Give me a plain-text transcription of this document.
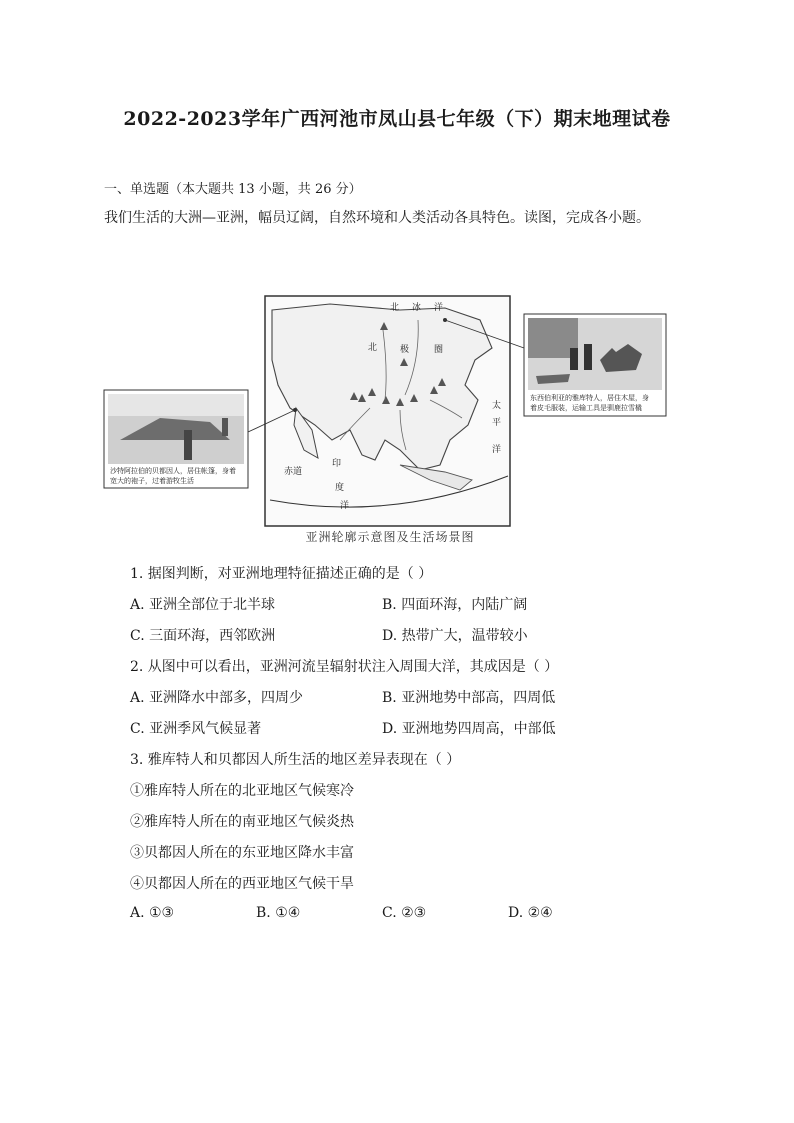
2022-2023学年广西河池市凤山县七年级（下）期末地理试卷
一、单选题（本大题共 13 小题，共 26 分）
我们生活的大洲—亚洲，幅员辽阔，自然环境和人类活动各具特色。读图，完成各小题。
北 冰 洋
北	极	圈
太
平
洋
印
度
洋
赤道
沙特阿拉伯的贝都因人，居住帐篷，身着
宽大的袍子，过着游牧生活
东西伯利亚的雅库特人，居住木屋，身
着皮毛服装，运输工具是驯鹿拉雪橇
亚洲轮廓示意图及生活场景图
1. 据图判断，对亚洲地理特征描述正确的是（ ）
A. 亚洲全部位于北半球	B. 四面环海，内陆广阔
C. 三面环海，西邻欧洲	D. 热带广大，温带较小
2. 从图中可以看出，亚洲河流呈辐射状注入周围大洋，其成因是（ ）
A. 亚洲降水中部多，四周少	B. 亚洲地势中部高，四周低
C. 亚洲季风气候显著	D. 亚洲地势四周高，中部低
3. 雅库特人和贝都因人所生活的地区差异表现在（ ）
①雅库特人所在的北亚地区气候寒冷
②雅库特人所在的南亚地区气候炎热
③贝都因人所在的东亚地区降水丰富
④贝都因人所在的西亚地区气候干旱
A. ①③	B. ①④	C. ②③	D. ②④
